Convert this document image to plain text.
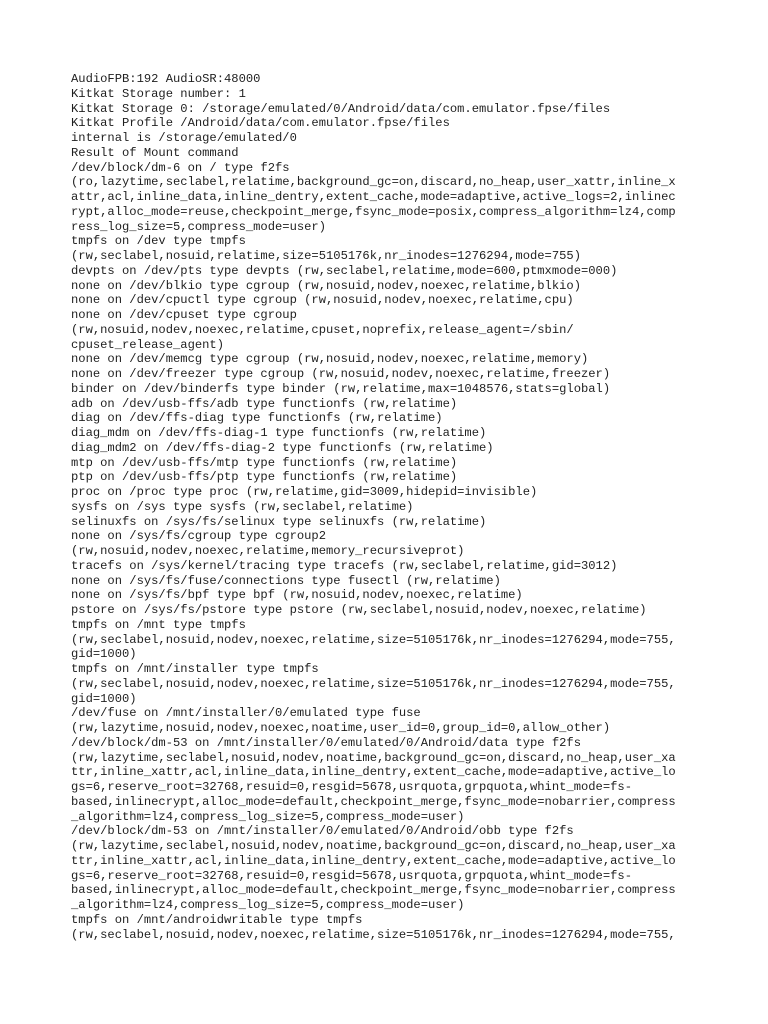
AudioFPB:192 AudioSR:48000
Kitkat Storage number: 1
Kitkat Storage 0: /storage/emulated/0/Android/data/com.emulator.fpse/files
Kitkat Profile /Android/data/com.emulator.fpse/files
internal is /storage/emulated/0
Result of Mount command
/dev/block/dm-6 on / type f2fs
(ro,lazytime,seclabel,relatime,background_gc=on,discard,no_heap,user_xattr,inline_x
attr,acl,inline_data,inline_dentry,extent_cache,mode=adaptive,active_logs=2,inlinec
rypt,alloc_mode=reuse,checkpoint_merge,fsync_mode=posix,compress_algorithm=lz4,comp
ress_log_size=5,compress_mode=user)
tmpfs on /dev type tmpfs
(rw,seclabel,nosuid,relatime,size=5105176k,nr_inodes=1276294,mode=755)
devpts on /dev/pts type devpts (rw,seclabel,relatime,mode=600,ptmxmode=000)
none on /dev/blkio type cgroup (rw,nosuid,nodev,noexec,relatime,blkio)
none on /dev/cpuctl type cgroup (rw,nosuid,nodev,noexec,relatime,cpu)
none on /dev/cpuset type cgroup
(rw,nosuid,nodev,noexec,relatime,cpuset,noprefix,release_agent=/sbin/
cpuset_release_agent)
none on /dev/memcg type cgroup (rw,nosuid,nodev,noexec,relatime,memory)
none on /dev/freezer type cgroup (rw,nosuid,nodev,noexec,relatime,freezer)
binder on /dev/binderfs type binder (rw,relatime,max=1048576,stats=global)
adb on /dev/usb-ffs/adb type functionfs (rw,relatime)
diag on /dev/ffs-diag type functionfs (rw,relatime)
diag_mdm on /dev/ffs-diag-1 type functionfs (rw,relatime)
diag_mdm2 on /dev/ffs-diag-2 type functionfs (rw,relatime)
mtp on /dev/usb-ffs/mtp type functionfs (rw,relatime)
ptp on /dev/usb-ffs/ptp type functionfs (rw,relatime)
proc on /proc type proc (rw,relatime,gid=3009,hidepid=invisible)
sysfs on /sys type sysfs (rw,seclabel,relatime)
selinuxfs on /sys/fs/selinux type selinuxfs (rw,relatime)
none on /sys/fs/cgroup type cgroup2
(rw,nosuid,nodev,noexec,relatime,memory_recursiveprot)
tracefs on /sys/kernel/tracing type tracefs (rw,seclabel,relatime,gid=3012)
none on /sys/fs/fuse/connections type fusectl (rw,relatime)
none on /sys/fs/bpf type bpf (rw,nosuid,nodev,noexec,relatime)
pstore on /sys/fs/pstore type pstore (rw,seclabel,nosuid,nodev,noexec,relatime)
tmpfs on /mnt type tmpfs
(rw,seclabel,nosuid,nodev,noexec,relatime,size=5105176k,nr_inodes=1276294,mode=755,
gid=1000)
tmpfs on /mnt/installer type tmpfs
(rw,seclabel,nosuid,nodev,noexec,relatime,size=5105176k,nr_inodes=1276294,mode=755,
gid=1000)
/dev/fuse on /mnt/installer/0/emulated type fuse
(rw,lazytime,nosuid,nodev,noexec,noatime,user_id=0,group_id=0,allow_other)
/dev/block/dm-53 on /mnt/installer/0/emulated/0/Android/data type f2fs
(rw,lazytime,seclabel,nosuid,nodev,noatime,background_gc=on,discard,no_heap,user_xa
ttr,inline_xattr,acl,inline_data,inline_dentry,extent_cache,mode=adaptive,active_lo
gs=6,reserve_root=32768,resuid=0,resgid=5678,usrquota,grpquota,whint_mode=fs-
based,inlinecrypt,alloc_mode=default,checkpoint_merge,fsync_mode=nobarrier,compress
_algorithm=lz4,compress_log_size=5,compress_mode=user)
/dev/block/dm-53 on /mnt/installer/0/emulated/0/Android/obb type f2fs
(rw,lazytime,seclabel,nosuid,nodev,noatime,background_gc=on,discard,no_heap,user_xa
ttr,inline_xattr,acl,inline_data,inline_dentry,extent_cache,mode=adaptive,active_lo
gs=6,reserve_root=32768,resuid=0,resgid=5678,usrquota,grpquota,whint_mode=fs-
based,inlinecrypt,alloc_mode=default,checkpoint_merge,fsync_mode=nobarrier,compress
_algorithm=lz4,compress_log_size=5,compress_mode=user)
tmpfs on /mnt/androidwritable type tmpfs
(rw,seclabel,nosuid,nodev,noexec,relatime,size=5105176k,nr_inodes=1276294,mode=755,
